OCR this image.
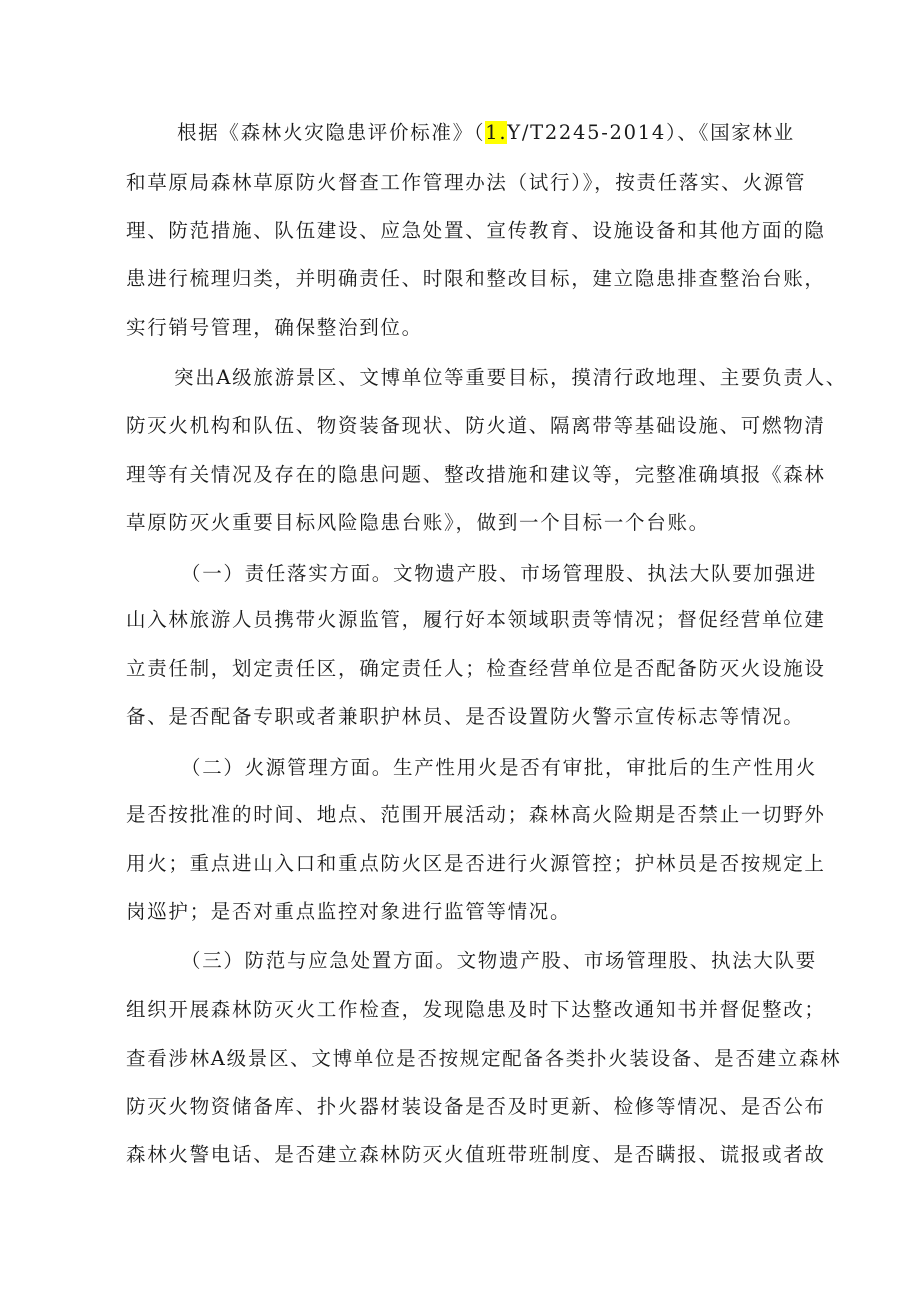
根据《森林火灾隐患评价标准》（1.Y/T2245-2014）、《国家林业
和草原局森林草原防火督查工作管理办法（试行）》，按责任落实、火源管
理、防范措施、队伍建设、应急处置、宣传教育、设施设备和其他方面的隐
患进行梳理归类，并明确责任、时限和整改目标，建立隐患排查整治台账，
实行销号管理，确保整治到位。
突出A级旅游景区、文博单位等重要目标，摸清行政地理、主要负责人、
防灭火机构和队伍、物资装备现状、防火道、隔离带等基础设施、可燃物清
理等有关情况及存在的隐患问题、整改措施和建议等，完整准确填报《森林
草原防灭火重要目标风险隐患台账》，做到一个目标一个台账。
（一）责任落实方面。文物遗产股、市场管理股、执法大队要加强进
山入林旅游人员携带火源监管，履行好本领域职责等情况；督促经营单位建
立责任制，划定责任区，确定责任人；检查经营单位是否配备防灭火设施设
备、是否配备专职或者兼职护林员、是否设置防火警示宣传标志等情况。
（二）火源管理方面。生产性用火是否有审批，审批后的生产性用火
是否按批准的时间、地点、范围开展活动；森林高火险期是否禁止一切野外
用火；重点进山入口和重点防火区是否进行火源管控；护林员是否按规定上
岗巡护；是否对重点监控对象进行监管等情况。
（三）防范与应急处置方面。文物遗产股、市场管理股、执法大队要
组织开展森林防灭火工作检查，发现隐患及时下达整改通知书并督促整改；
查看涉林A级景区、文博单位是否按规定配备各类扑火装设备、是否建立森林
防灭火物资储备库、扑火器材装设备是否及时更新、检修等情况、是否公布
森林火警电话、是否建立森林防灭火值班带班制度、是否瞒报、谎报或者故
